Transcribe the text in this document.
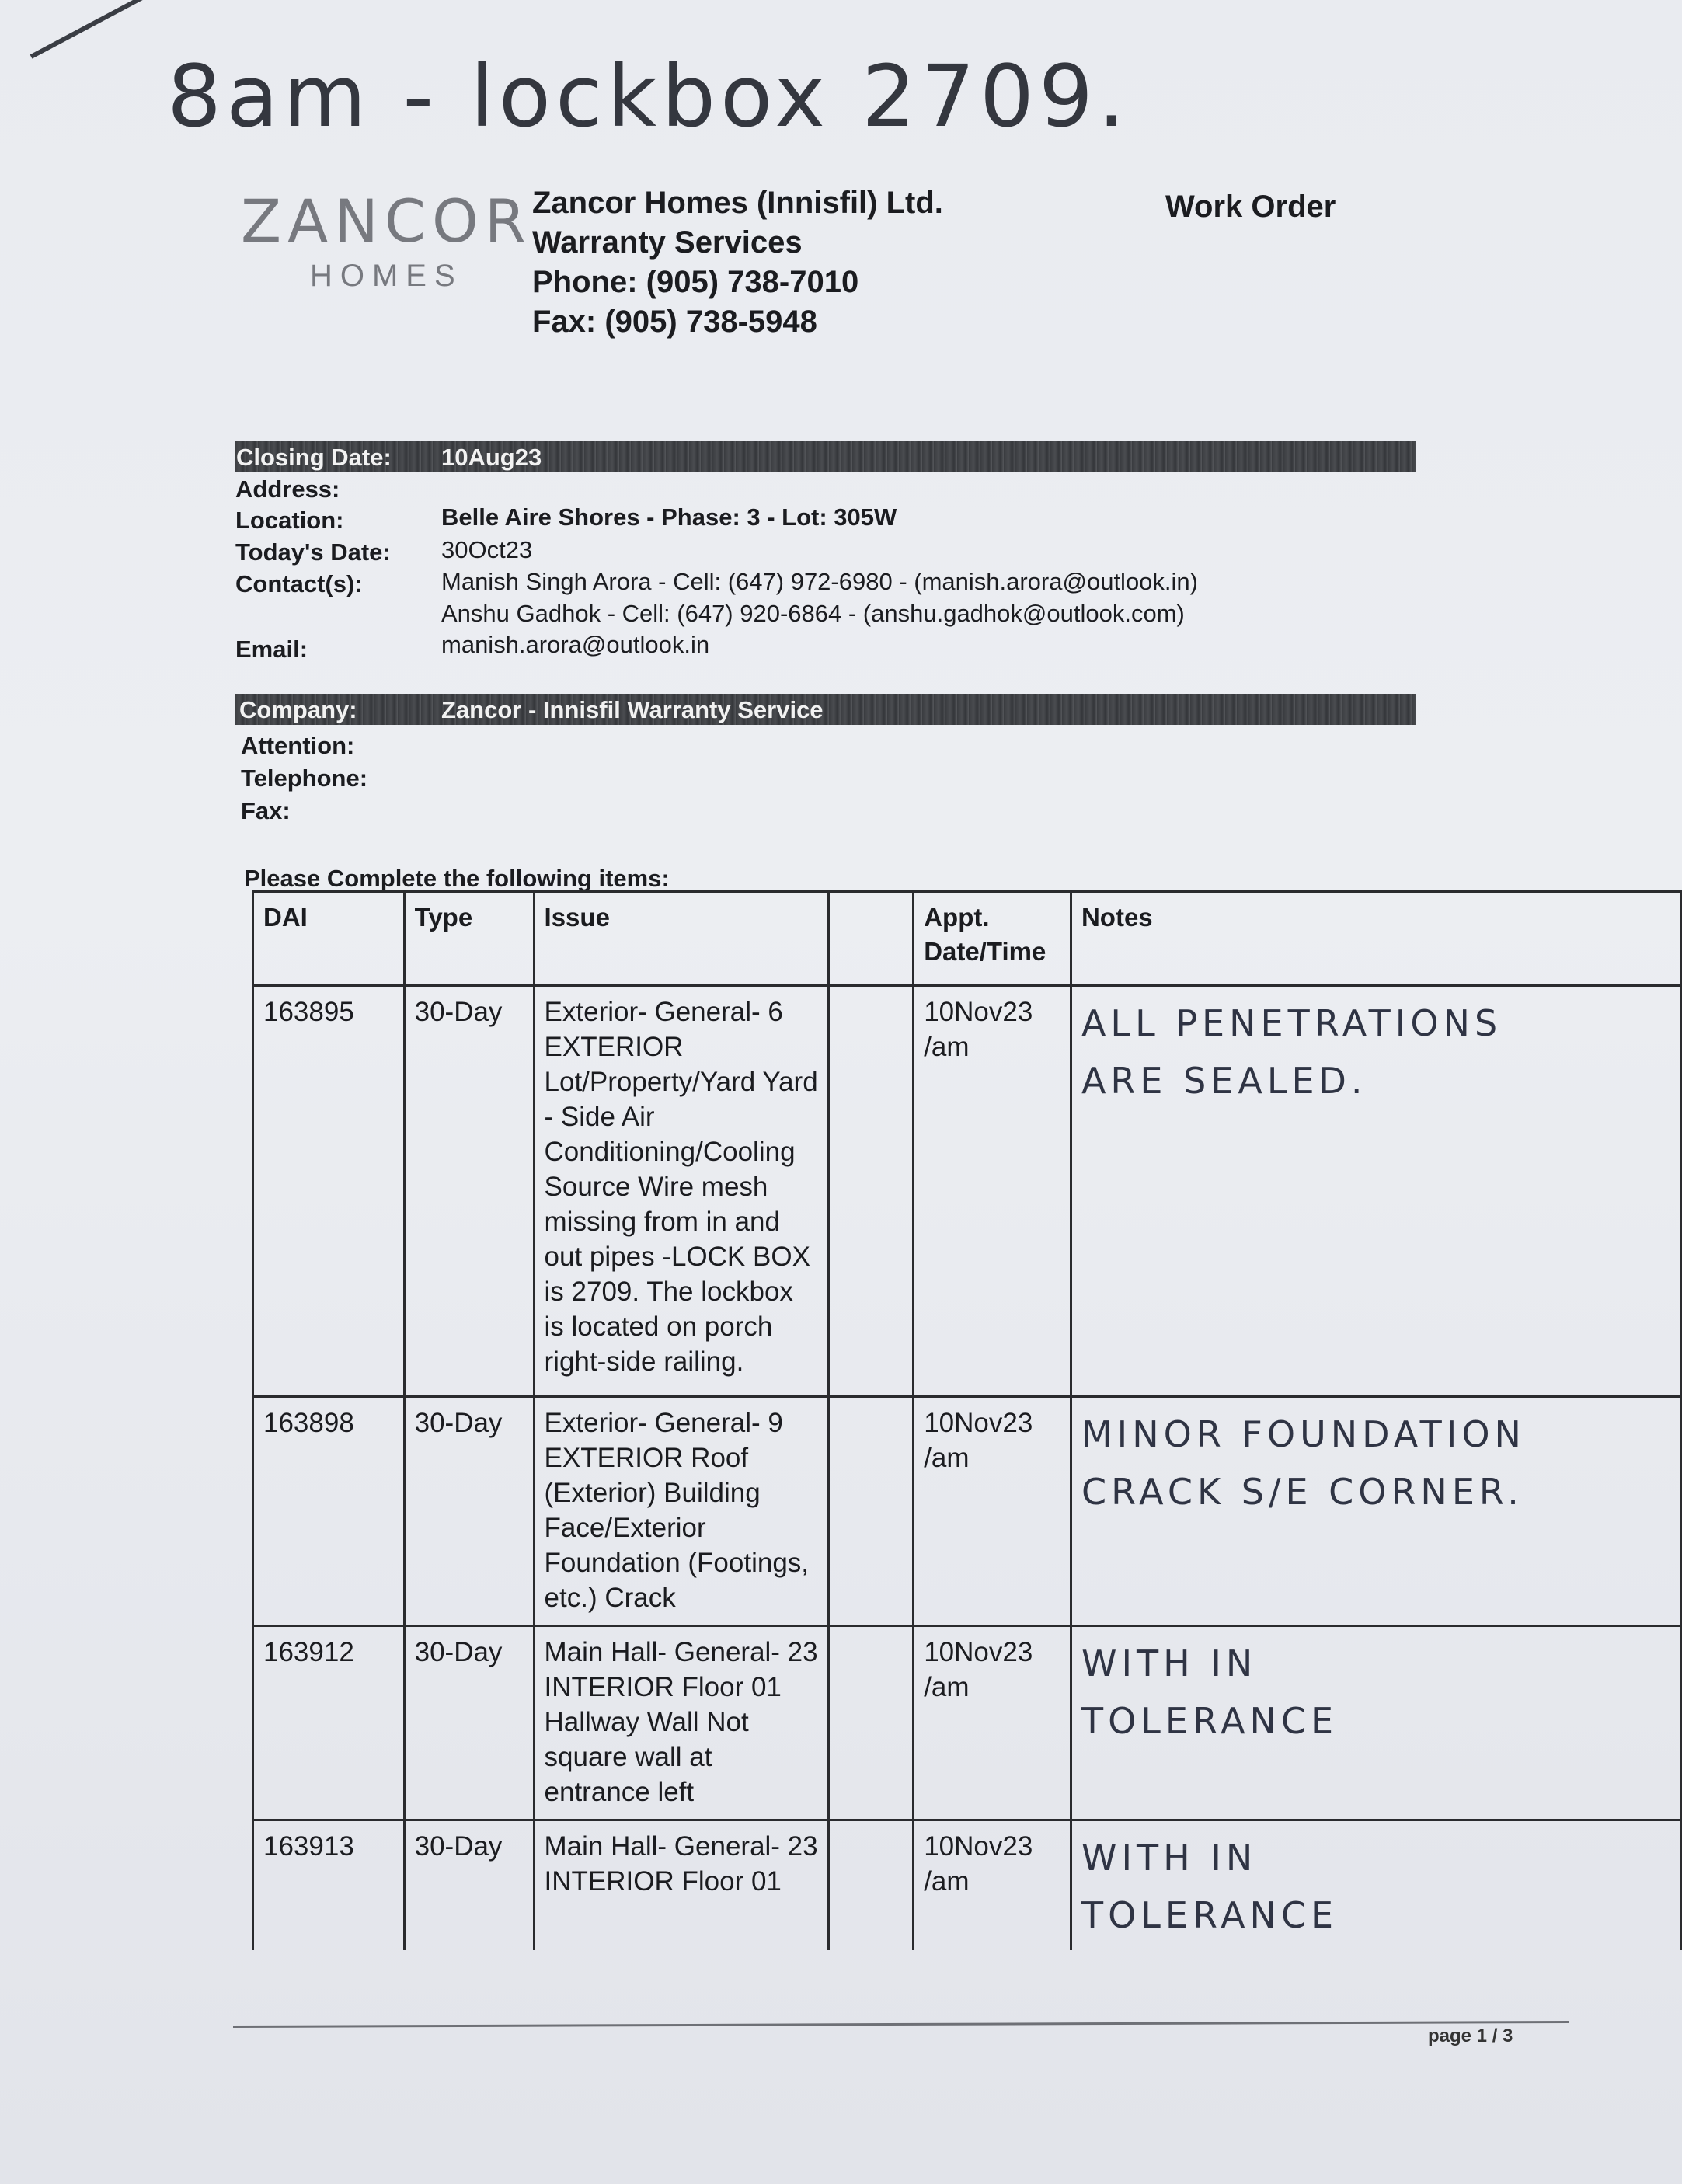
8am - lockbox 2709.
ZANCOR
HOMES
Zancor Homes (Innisfil) Ltd.
Warranty Services
Phone: (905) 738-7010
Fax: (905) 738-5948
Work Order
Closing Date: 10Aug23
Address:
Location:	Belle Aire Shores - Phase: 3 - Lot: 305W
Today's Date: 30Oct23
Contact(s):	Manish Singh Arora - Cell: (647) 972-6980 - (manish.arora@outlook.in)
Anshu Gadhok - Cell: (647) 920-6864 - (anshu.gadhok@outlook.com)
Email:	manish.arora@outlook.in
Company:	Zancor - Innisfil Warranty Service
Attention:
Telephone:
Fax:
Please Complete the following items:
DAI	Type	Issue		Appt. Date/Time	Notes
163895	30-Day	Exterior- General- 6 EXTERIOR Lot/Property/Yard Yard - Side Air Conditioning/Cooling Source Wire mesh missing from in and out pipes -LOCK BOX is 2709. The lockbox is located on porch right-side railing.		10Nov23 /am	ALL PENETRATIONS
ARE SEALED.

163898	30-Day	Exterior- General- 9 EXTERIOR Roof (Exterior) Building Face/Exterior Foundation (Footings, etc.) Crack		10Nov23 /am	MINOR FOUNDATION
CRACK S/E CORNER.

163912	30-Day	Main Hall- General- 23 INTERIOR Floor 01 Hallway Wall Not square wall at entrance left		10Nov23 /am	WITH IN
TOLERANCE

163913	30-Day	Main Hall- General- 23 INTERIOR Floor 01		10Nov23 /am	WITH IN
TOLERANCE
page 1 / 3
